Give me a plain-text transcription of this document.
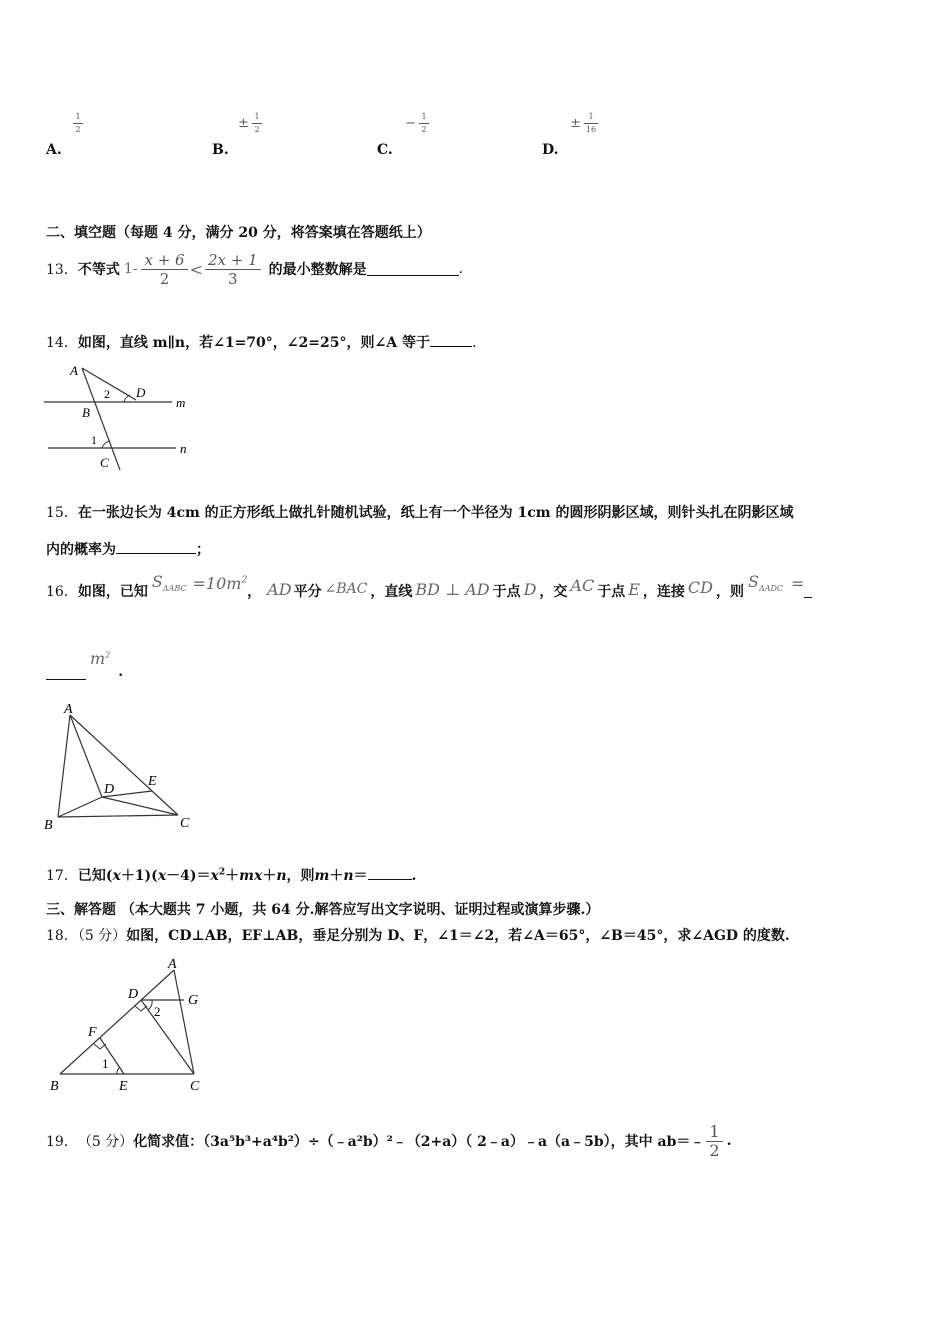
1
2
A.
± 1
2
B.
− 1
2
C.
± 1
16
D.
二、填空题（每题 4 分，满分 20 分，将答案填在答题纸上）
13． 不等式 $1- \frac{x + 6}{2} < \frac{2x + 1}{3}$ 的最小整数解是	.
14．如图，直线 m∥n，若∠1=70°，∠2=25°，则∠A 等于	.
A
D
B
C
m
n
2
1
15．在一张边长为 4cm 的正方形纸上做扎针随机试验，纸上有一个半径为 1cm 的圆形阴影区域，则针头扎在阴影区域
内的概率为	；
16． 如图，已知
$S_{\Delta ABC} =10m^2$
， AD 平分 ∠BAC ，直线 BD ⊥ AD 于点 D ，交 AC 于点 E ，连接 CD ，则
$S_{\Delta ADC}$ =
$m^2$
.
A
B	C
D
E
17．已知$(x+1)(x-4)=x^2+mx+n$，则m＋n＝	.
三、解答题 （本大题共 7 小题，共 64 分.解答应写出文字说明、证明过程或演算步骤.）
18．（5 分）如图，CD⊥AB，EF⊥AB，垂足分别为 D、F，∠1＝∠2，若∠A＝65°，∠B＝45°，求∠AGD 的度数.
A
D	G
F
B	E	C
2
1
19． （5 分） 化简求值：（3a⁵b³+a⁴b²）÷（﹣a²b）²﹣（2+a）（ 2﹣a）﹣a（a﹣5b），其中 ab＝﹣ $\frac{1}{2}$ .
